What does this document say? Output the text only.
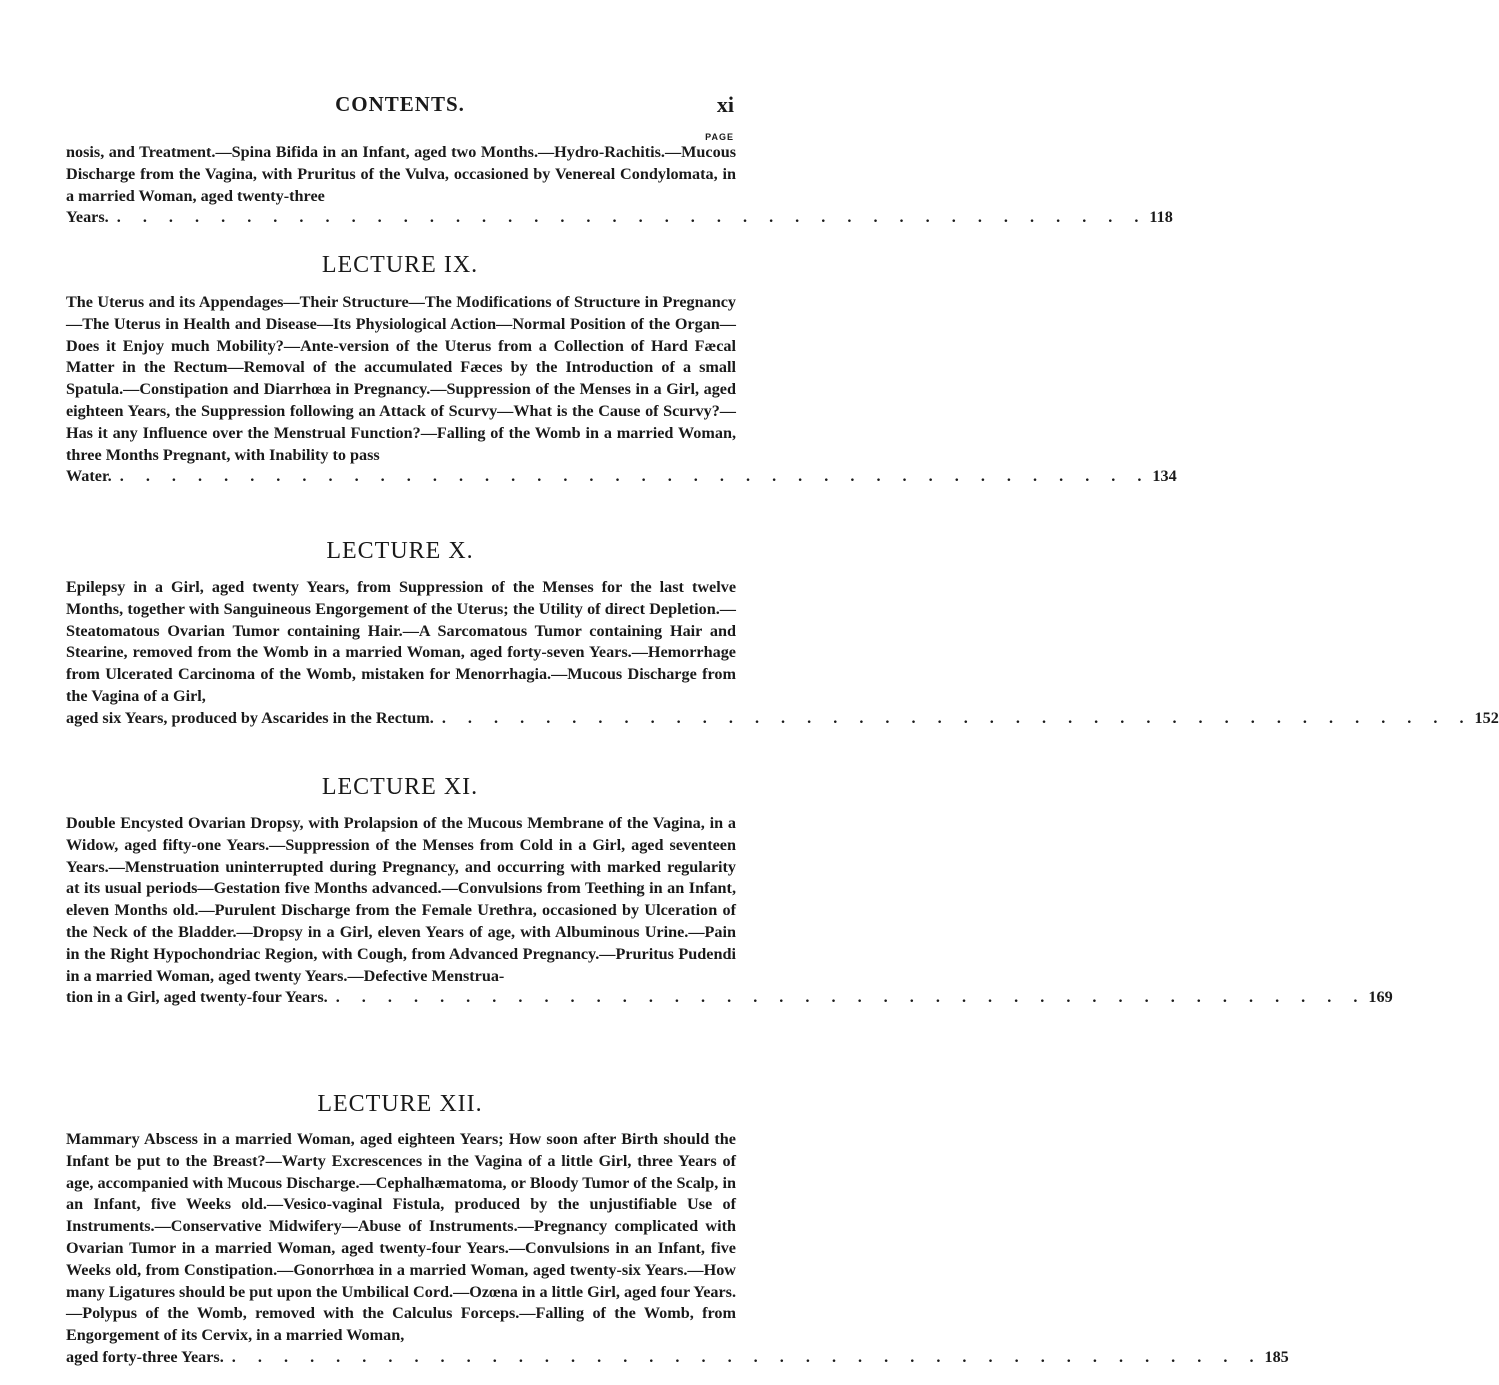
CONTENTS.	xi
PAGE
nosis, and Treatment.—Spina Bifida in an Infant, aged two Months.—Hydro-Rachitis.—Mucous Discharge from the Vagina, with Pruritus of the Vulva, occasioned by Venereal Condylomata, in a married Woman, aged twenty-three
Years. . . . . . . . . . . . . . . . . . . . . . . . . . . . . . . . . . . . . . . . . 118
LECTURE IX.
The Uterus and its Appendages—Their Structure—The Modifications of Structure in Pregnancy—The Uterus in Health and Disease—Its Physiological Action—Normal Position of the Organ—Does it Enjoy much Mobility?—Ante-version of the Uterus from a Collection of Hard Fæcal Matter in the Rectum—Removal of the accumulated Fæces by the Introduction of a small Spatula.—Constipation and Diarrhœa in Pregnancy.—Suppression of the Menses in a Girl, aged eighteen Years, the Suppression following an Attack of Scurvy—What is the Cause of Scurvy?—Has it any Influence over the Menstrual Function?—Falling of the Womb in a married Woman, three Months Pregnant, with Inability to pass
Water. . . . . . . . . . . . . . . . . . . . . . . . . . . . . . . . . . . . . . . . . 134
LECTURE X.
Epilepsy in a Girl, aged twenty Years, from Suppression of the Menses for the last twelve Months, together with Sanguineous Engorgement of the Uterus; the Utility of direct Depletion.—Steatomatous Ovarian Tumor containing Hair.—A Sarcomatous Tumor containing Hair and Stearine, removed from the Womb in a married Woman, aged forty-seven Years.—Hemorrhage from Ulcerated Carcinoma of the Womb, mistaken for Menorrhagia.—Mucous Discharge from the Vagina of a Girl,
aged six Years, produced by Ascarides in the Rectum. . . . . . . . . . . . . . . . . . . . . . . . . . . . . . . . . . . . . . . . . 152
LECTURE XI.
Double Encysted Ovarian Dropsy, with Prolapsion of the Mucous Membrane of the Vagina, in a Widow, aged fifty-one Years.—Suppression of the Menses from Cold in a Girl, aged seventeen Years.—Menstruation uninterrupted during Pregnancy, and occurring with marked regularity at its usual periods—Gestation five Months advanced.—Convulsions from Teething in an Infant, eleven Months old.—Purulent Discharge from the Female Urethra, occasioned by Ulceration of the Neck of the Bladder.—Dropsy in a Girl, eleven Years of age, with Albuminous Urine.—Pain in the Right Hypochondriac Region, with Cough, from Advanced Pregnancy.—Pruritus Pudendi in a married Woman, aged twenty Years.—Defective Menstrua-
tion in a Girl, aged twenty-four Years. . . . . . . . . . . . . . . . . . . . . . . . . . . . . . . . . . . . . . . . . 169
LECTURE XII.
Mammary Abscess in a married Woman, aged eighteen Years; How soon after Birth should the Infant be put to the Breast?—Warty Excrescences in the Vagina of a little Girl, three Years of age, accompanied with Mucous Discharge.—Cephalhæmatoma, or Bloody Tumor of the Scalp, in an Infant, five Weeks old.—Vesico-vaginal Fistula, produced by the unjustifiable Use of Instruments.—Conservative Midwifery—Abuse of Instruments.—Pregnancy complicated with Ovarian Tumor in a married Woman, aged twenty-four Years.—Convulsions in an Infant, five Weeks old, from Constipation.—Gonorrhœa in a married Woman, aged twenty-six Years.—How many Ligatures should be put upon the Umbilical Cord.—Ozœna in a little Girl, aged four Years.—Polypus of the Womb, removed with the Calculus Forceps.—Falling of the Womb, from Engorgement of its Cervix, in a married Woman,
aged forty-three Years. . . . . . . . . . . . . . . . . . . . . . . . . . . . . . . . . . . . . . . . . 185
